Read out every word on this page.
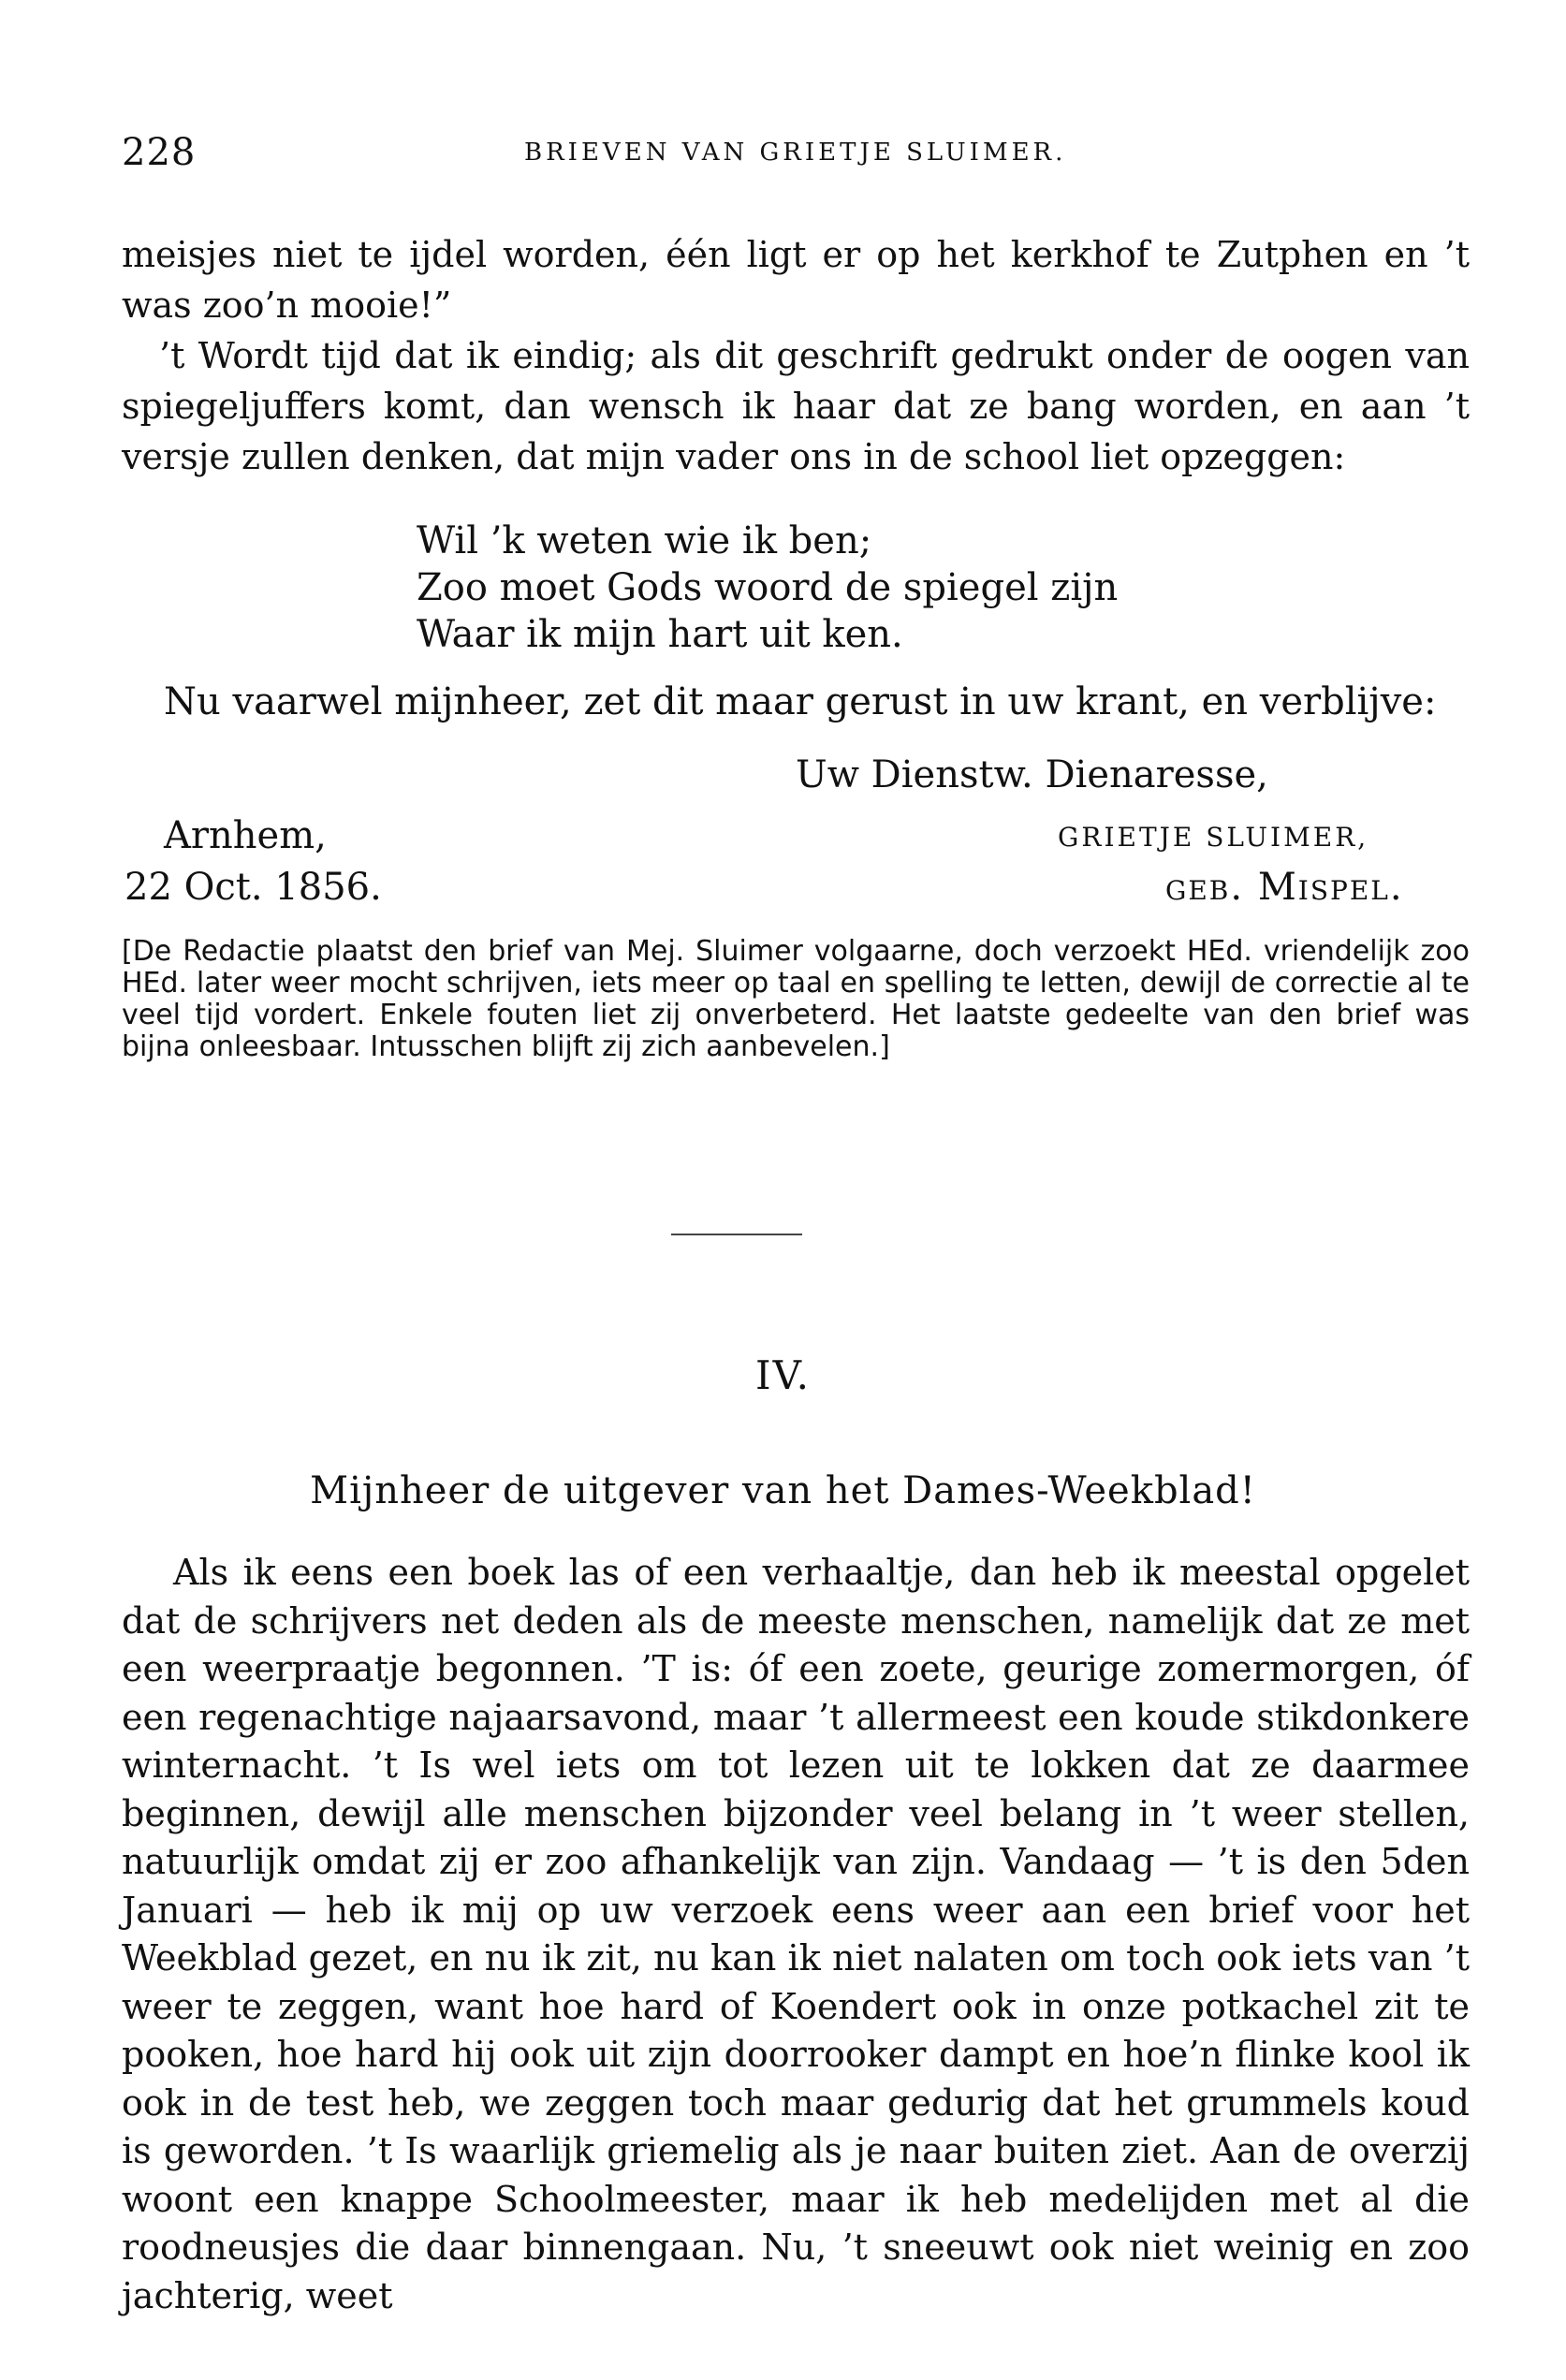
228	BRIEVEN VAN GRIETJE SLUIMER.

meisjes niet te ijdel worden, één ligt er op het kerkhof te Zutphen en ’t was zoo’n mooie!”

’t Wordt tijd dat ik eindig; als dit geschrift gedrukt onder de oogen van spiegeljuffers komt, dan wensch ik haar dat ze bang worden, en aan ’t versje zullen denken, dat mijn vader ons in de school liet opzeggen:

Wil ’k weten wie ik ben;
Zoo moet Gods woord de spiegel zijn
Waar ik mijn hart uit ken.
Nu vaarwel mijnheer, zet dit maar gerust in uw krant, en verblijve:
Uw Dienstw. Dienaresse,
Arnhem,	GRIETJE SLUIMER,
22 Oct. 1856.	geb. Mispel.
[De Redactie plaatst den brief van Mej. Sluimer volgaarne, doch verzoekt HEd. vriendelijk zoo HEd. later weer mocht schrijven, iets meer op taal en spelling te letten, dewijl de correctie al te veel tijd vordert. Enkele fouten liet zij onverbeterd. Het laatste gedeelte van den brief was bijna onleesbaar. Intusschen blijft zij zich aanbevelen.]
IV.
Mijnheer de uitgever van het Dames-Weekblad!

Als ik eens een boek las of een verhaaltje, dan heb ik meestal opgelet dat de schrijvers net deden als de meeste menschen, namelijk dat ze met een weerpraatje begonnen. ’T is: óf een zoete, geurige zomermorgen, óf een regenachtige najaarsavond, maar ’t allermeest een koude stikdonkere winternacht. ’t Is wel iets om tot lezen uit te lokken dat ze daarmee beginnen, dewijl alle menschen bijzonder veel belang in ’t weer stellen, natuurlijk omdat zij er zoo afhankelijk van zijn. Vandaag — ’t is den 5den Januari — heb ik mij op uw verzoek eens weer aan een brief voor het Weekblad gezet, en nu ik zit, nu kan ik niet nalaten om toch ook iets van ’t weer te zeggen, want hoe hard of Koendert ook in onze potkachel zit te pooken, hoe hard hij ook uit zijn doorrooker dampt en hoe’n flinke kool ik ook in de test heb, we zeggen toch maar gedurig dat het grummels koud is geworden. ’t Is waarlijk griemelig als je naar buiten ziet. Aan de overzij woont een knappe Schoolmeester, maar ik heb medelijden met al die roodneusjes die daar binnengaan. Nu, ’t sneeuwt ook niet weinig en zoo jachterig, weet
